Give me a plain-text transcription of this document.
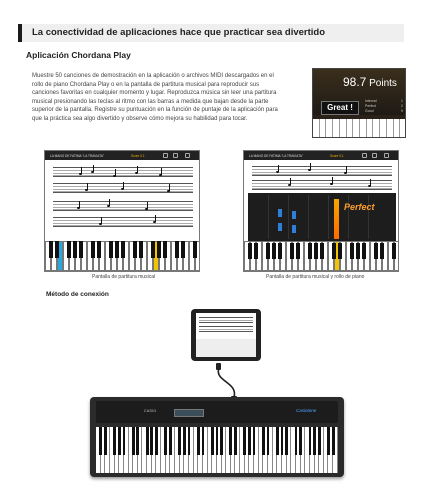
La conectividad de aplicaciones hace que practicar sea divertido
Aplicación Chordana Play
Muestre 50 canciones de demostración en la aplicación o archivos MIDI descargados en el
rollo de piano Chordana Play o en la pantalla de partitura musical para reproducir sus
canciones favoritas en cualquier momento y lugar. Reproduzca música sin leer una partitura
musical presionando las teclas al ritmo con las barras a medida que bajan desde la parte
superior de la pantalla. Registre su puntuación en la función de puntaje de la aplicación para
que la práctica sea algo divertido y observe cómo mejora su habilidad para tocar.
98.7 Points
Great !
Interval	1
Perfect	2
Good	9
LA MANO DE FATIMA "LA TRAVIATA"	Score 0.1	LA MANO DE FATIMA "LA TRAVIATA"	Score 0.1
Perfect
Pantalla de partitura musical	Pantalla de partitura musical y rollo de piano
Método de conexión
CASIO	Casiotone
